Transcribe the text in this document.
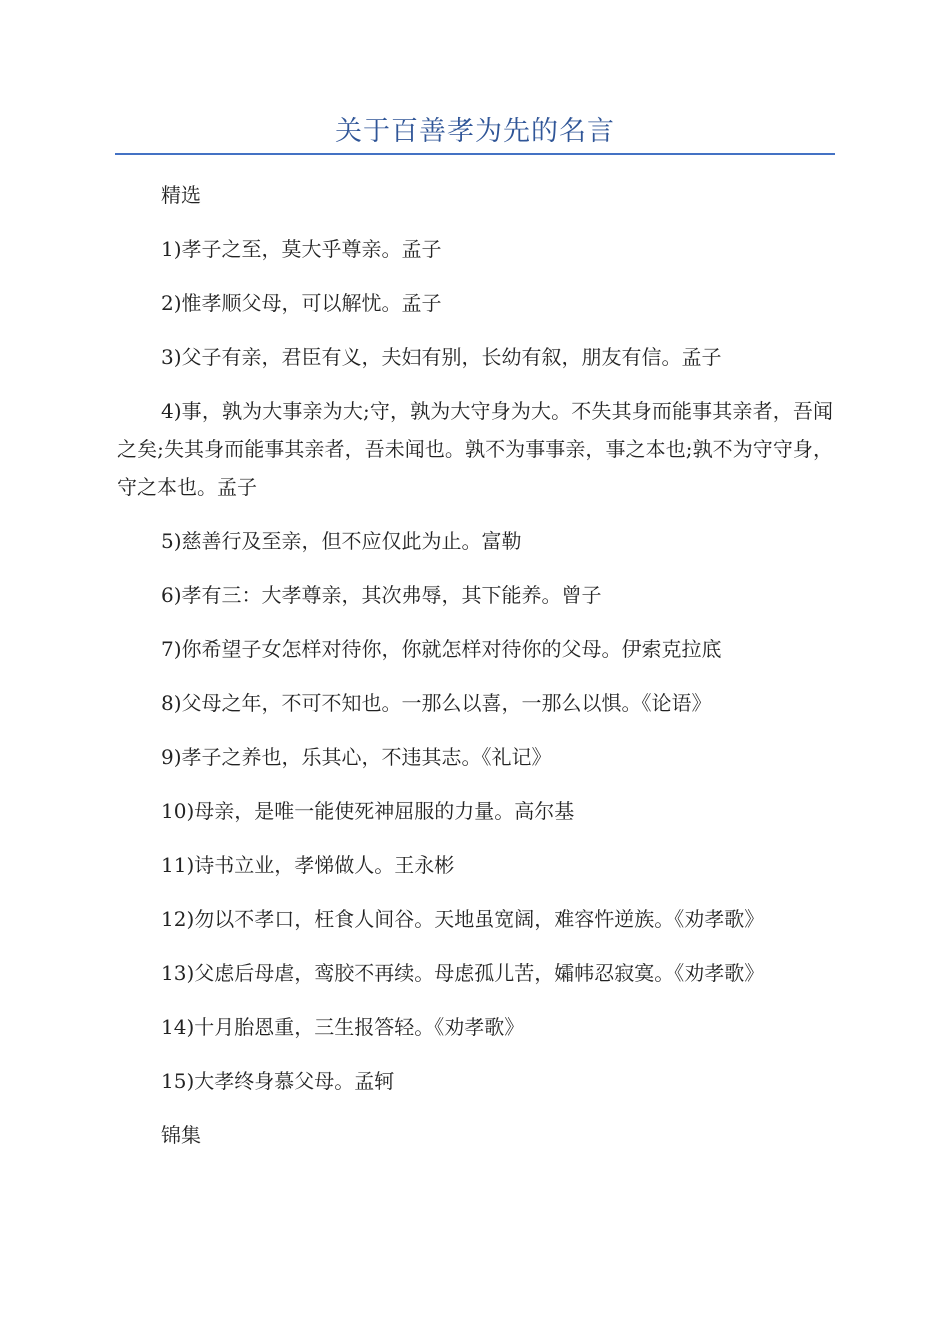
关于百善孝为先的名言

精选

1)孝子之至，莫大乎尊亲。孟子

2)惟孝顺父母，可以解忧。孟子

3)父子有亲，君臣有义，夫妇有别，长幼有叙，朋友有信。孟子

4)事，孰为大事亲为大;守，孰为大守身为大。不失其身而能事其亲者，吾闻之矣;失其身而能事其亲者，吾未闻也。孰不为事事亲，事之本也;孰不为守守身，守之本也。孟子

5)慈善行及至亲，但不应仅此为止。富勒

6)孝有三：大孝尊亲，其次弗辱，其下能养。曾子

7)你希望子女怎样对待你，你就怎样对待你的父母。伊索克拉底

8)父母之年，不可不知也。一那么以喜，一那么以惧。《论语》

9)孝子之养也，乐其心，不违其志。《礼记》

10)母亲，是唯一能使死神屈服的力量。高尔基

11)诗书立业，孝悌做人。王永彬

12)勿以不孝口，枉食人间谷。天地虽宽阔，难容忤逆族。《劝孝歌》

13)父虑后母虐，鸾胶不再续。母虑孤儿苦，孀帏忍寂寞。《劝孝歌》

14)十月胎恩重，三生报答轻。《劝孝歌》

15)大孝终身慕父母。孟轲

锦集
